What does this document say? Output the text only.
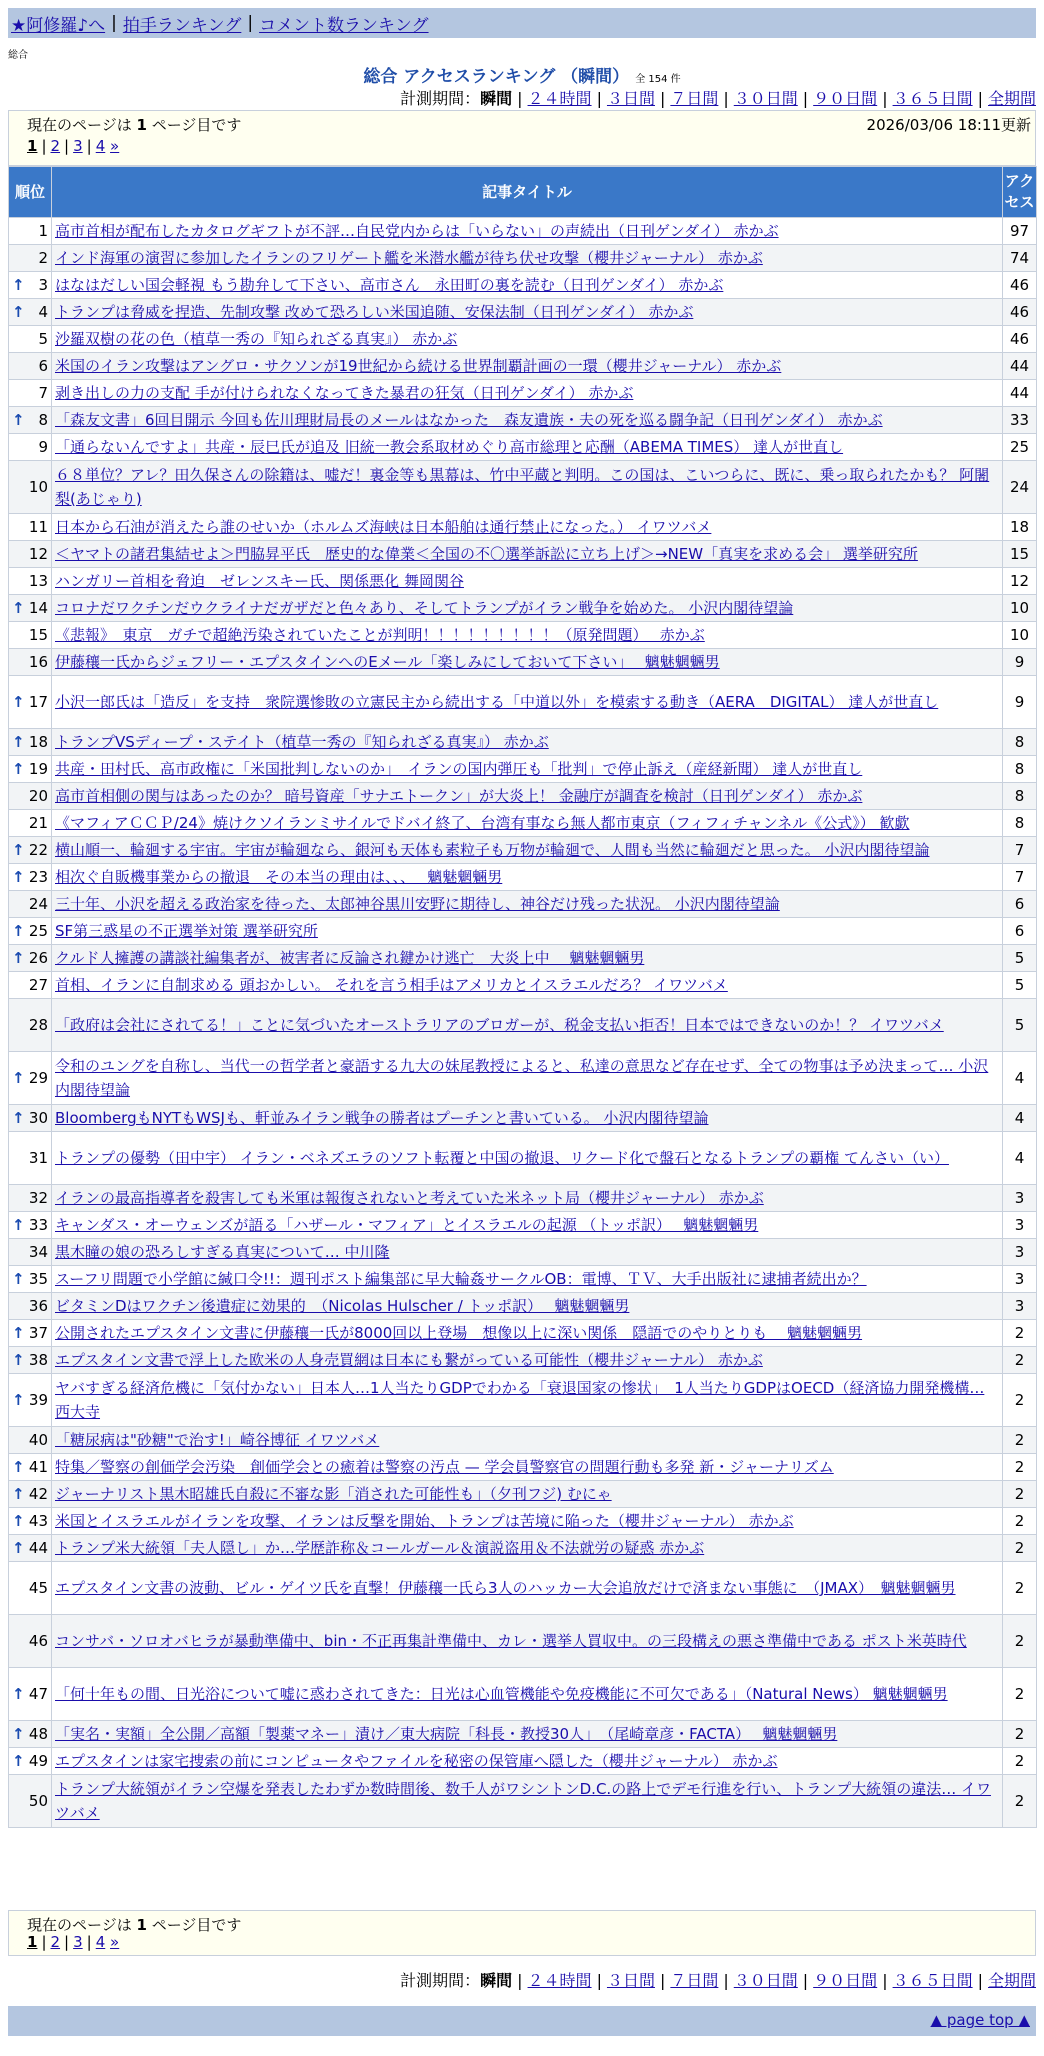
★阿修羅♪へ | 拍手ランキング | コメント数ランキング
総合
総合 アクセスランキング （瞬間） 全 154 件
計測期間：瞬間 | ２４時間 | ３日間 | ７日間 | ３０日間 | ９０日間 | ３６５日間 | 全期間
現在のページは 1 ページ目です	2026/03/06 18:11更新
1 | 2 | 3 | 4 »
順位	記事タイトル	アクセス
1	高市首相が配布したカタログギフトが不評…自民党内からは「いらない」の声続出（日刊ゲンダイ） 赤かぶ	97
2	インド海軍の演習に参加したイランのフリゲート艦を米潜水艦が待ち伏せ攻撃（櫻井ジャーナル） 赤かぶ	74

↑ 3	はなはだしい国会軽視 もう勘弁して下さい、高市さん　永田町の裏を読む（日刊ゲンダイ） 赤かぶ	46

↑ 4	トランプは脅威を捏造、先制攻撃 改めて恐ろしい米国追随、安保法制（日刊ゲンダイ） 赤かぶ	46
5	沙羅双樹の花の色（植草一秀の『知られざる真実』） 赤かぶ	46
6	米国のイラン攻撃はアングロ・サクソンが19世紀から続ける世界制覇計画の一環（櫻井ジャーナル） 赤かぶ	44
7	剥き出しの力の支配 手が付けられなくなってきた暴君の狂気（日刊ゲンダイ） 赤かぶ	44

↑ 8	「森友文書」6回目開示 今回も佐川理財局長のメールはなかった　森友遺族・夫の死を巡る闘争記（日刊ゲンダイ） 赤かぶ	33
9	「通らないんですよ」共産・辰巳氏が追及 旧統一教会系取材めぐり高市総理と応酬（ABEMA TIMES） 達人が世直し	25
10	６８単位？アレ？田久保さんの除籍は、嘘だ！裏金等も黒幕は、竹中平蔵と判明。この国は、こいつらに、既に、乗っ取られたかも？ 阿闍梨(あじゃり)	24
11	日本から石油が消えたら誰のせいか（ホルムズ海峡は日本船舶は通行禁止になった。） イワツバメ	18
12	＜ヤマトの諸君集結せよ＞門脇昇平氏　歴史的な偉業＜全国の不〇選挙訴訟に立ち上げ＞→NEW「真実を求める会」 選挙研究所	15
13	ハンガリー首相を脅迫　ゼレンスキー氏、関係悪化 舞岡関谷	12

↑ 14	コロナだワクチンだウクライナだガザだと色々あり、そしてトランプがイラン戦争を始めた。 小沢内閣待望論	10
15	《悲報》　東京　ガチで超絶汚染されていたことが判明！！！！！！！！！（原発問題）　 赤かぶ	10
16	伊藤穰一氏からジェフリー・エプスタインへのEメール「楽しみにしておいて下さい」　 魑魅魍魎男	9

↑ 17	小沢一郎氏は「造反」を支持　衆院選惨敗の立憲民主から続出する「中道以外」を模索する動き（AERA　DIGITAL） 達人が世直し	9

↑ 18	トランプVSディープ・ステイト（植草一秀の『知られざる真実』） 赤かぶ	8

↑ 19	共産・田村氏、高市政権に「米国批判しないのか」　イランの国内弾圧も「批判」で停止訴え（産経新聞） 達人が世直し	8
20	高市首相側の関与はあったのか？ 暗号資産「サナエトークン」が大炎上！ 金融庁が調査を検討（日刊ゲンダイ） 赤かぶ	8
21	《マフィアＣＣＰ/24》焼けクソイランミサイルでドバイ終了、台湾有事なら無人都市東京（フィフィチャンネル《公式》） 歓歔	8

↑ 22	横山順一、輪廻する宇宙。宇宙が輪廻なら、銀河も天体も素粒子も万物が輪廻で、人間も当然に輪廻だと思った。 小沢内閣待望論	7

↑ 23	相次ぐ自販機事業からの撤退　その本当の理由は、、、　 魑魅魍魎男	7
24	三十年、小沢を超える政治家を待った、太郎神谷黒川安野に期待し、神谷だけ残った状況。 小沢内閣待望論	6

↑ 25	SF第三惑星の不正選挙対策 選挙研究所	6

↑ 26	クルド人擁護の講談社編集者が、被害者に反論され鍵かけ逃亡　大炎上中　 魑魅魍魎男	5
27	首相、イランに自制求める 頭おかしい。 それを言う相手はアメリカとイスラエルだろ？ イワツバメ	5
28	「政府は会社にされてる！」ことに気づいたオーストラリアのブロガーが、税金支払い拒否！日本ではできないのか！？ イワツバメ	5

↑ 29	令和のユングを自称し、当代一の哲学者と豪語する九大の妹尾教授によると、私達の意思など存在せず、全ての物事は予め決まって… 小沢内閣待望論	4

↑ 30	BloombergもNYTもWSJも、軒並みイラン戦争の勝者はプーチンと書いている。 小沢内閣待望論	4
31	トランプの優勢（田中宇） イラン・ベネズエラのソフト転覆と中国の撤退、リクード化で盤石となるトランプの覇権 てんさい（い）	4
32	イランの最高指導者を殺害しても米軍は報復されないと考えていた米ネット局（櫻井ジャーナル） 赤かぶ	3

↑ 33	キャンダス・オーウェンズが語る「ハザール・マフィア」とイスラエルの起源 （トッポ訳）　 魑魅魍魎男	3
34	黒木瞳の娘の恐ろしすぎる真実について… 中川隆	3

↑ 35	スーフリ問題で小学館に緘口令!!：週刊ポスト編集部に早大輪姦サークルOB：電博、ＴＶ、大手出版社に逮捕者続出か？	3
36	ビタミンDはワクチン後遺症に効果的　（Nicolas Hulscher / トッポ訳）　 魑魅魍魎男	3

↑ 37	公開されたエプスタイン文書に伊藤穰一氏が8000回以上登場　想像以上に深い関係　隠語でのやりとりも　 魑魅魍魎男	2

↑ 38	エプスタイン文書で浮上した欧米の人身売買網は日本にも繋がっている可能性（櫻井ジャーナル） 赤かぶ	2

↑ 39	ヤバすぎる経済危機に「気付かない」日本人…1人当たりGDPでわかる「衰退国家の惨状」　1人当たりGDPはOECD（経済協力開発機構… 西大寺	2
40	「糖尿病は"砂糖"で治す!」崎谷博征 イワツバメ	2

↑ 41	特集／警察の創価学会汚染　創価学会との癒着は警察の汚点 — 学会員警察官の問題行動も多発 新・ジャーナリズム	2

↑ 42	ジャーナリスト黒木昭雄氏自殺に不審な影「消された可能性も」（夕刊フジ) むにゃ	2

↑ 43	米国とイスラエルがイランを攻撃、イランは反撃を開始、トランプは苦境に陥った（櫻井ジャーナル） 赤かぶ	2

↑ 44	トランプ米大統領「夫人隠し」か…学歴詐称＆コールガール＆演説盗用＆不法就労の疑惑 赤かぶ	2
45	エプスタイン文書の波動、ビル・ゲイツ氏を直撃！伊藤穰一氏ら3人のハッカー大会追放だけで済まない事態に　（JMAX）　魑魅魍魎男	2
46	コンサバ・ソロオバヒラが暴動準備中、bin・不正再集計準備中、カレ・選挙人買収中。の三段構えの悪さ準備中である ポスト米英時代	2

↑ 47	「何十年もの間、日光浴について嘘に惑わされてきた：日光は心血管機能や免疫機能に不可欠である」（Natural News） 魑魅魍魎男	2

↑ 48	「実名・実額」全公開／高額「製薬マネー」漬け／東大病院「科長・教授30人」　（尾崎章彦・FACTA）　 魑魅魍魎男	2

↑ 49	エプスタインは家宅捜索の前にコンピュータやファイルを秘密の保管庫へ隠した（櫻井ジャーナル） 赤かぶ	2
50	トランプ大統領がイラン空爆を発表したわずか数時間後、数千人がワシントンD.C.の路上でデモ行進を行い、トランプ大統領の違法… イワツバメ	2
現在のページは 1 ページ目です
1 | 2 | 3 | 4 »
計測期間：瞬間 | ２４時間 | ３日間 | ７日間 | ３０日間 | ９０日間 | ３６５日間 | 全期間
▲ page top ▲
